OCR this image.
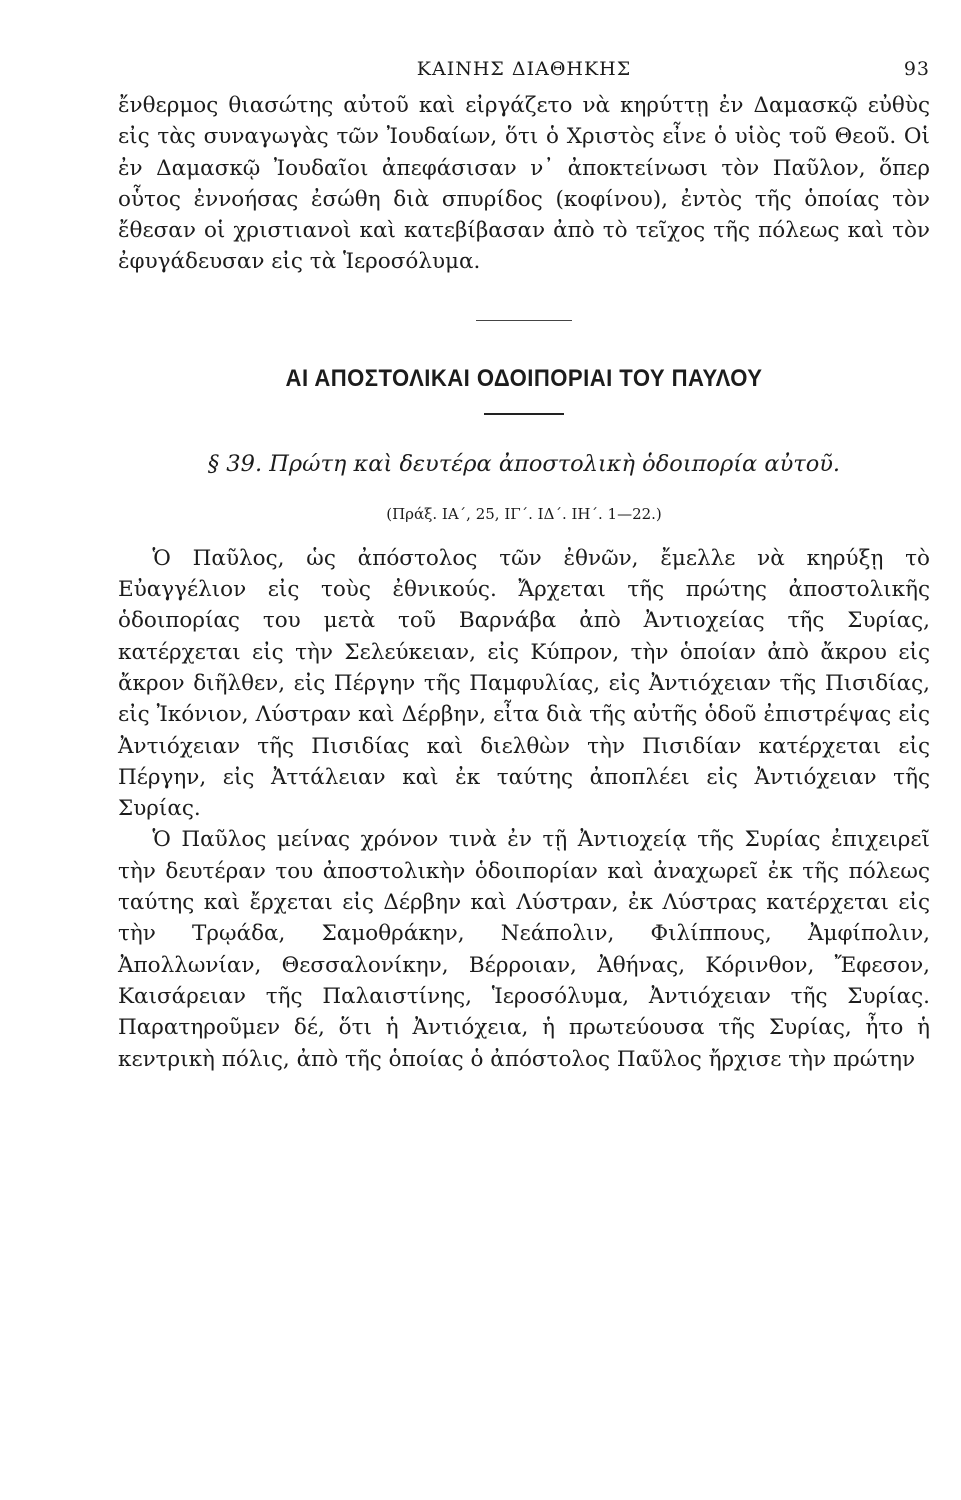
ΚΑΙΝΗΣ ΔΙΑΘΗΚΗΣ	93

ἔνθερμος θιασώτης αὐτοῦ καὶ εἰργάζετο νὰ κηρύττῃ ἐν Δαμασκῷ εὐθὺς εἰς τὰς συναγωγὰς τῶν Ἰουδαίων, ὅτι ὁ Χριστὸς εἶνε ὁ υἱὸς τοῦ Θεοῦ. Οἱ ἐν Δαμασκῷ Ἰουδαῖοι ἀπεφάσισαν ν᾽ ἀποκτείνωσι τὸν Παῦλον, ὅπερ οὗτος ἐννοήσας ἐσώθη διὰ σπυρίδος (κοφίνου), ἐντὸς τῆς ὁποίας τὸν ἔθεσαν οἱ χριστιανοὶ καὶ κατεβίβασαν ἀπὸ τὸ τεῖχος τῆς πόλεως καὶ τὸν ἐφυγάδευσαν εἰς τὰ Ἱεροσόλυμα.

ΑΙ ΑΠΟΣΤΟΛΙΚΑΙ ΟΔΟΙΠΟΡΙΑΙ ΤΟΥ ΠΑΥΛΟΥ
§ 39. Πρώτη καὶ δευτέρα ἀποστολικὴ ὁδοιπορία αὐτοῦ.
(Πράξ. ΙΑ΄, 25, ΙΓ΄. ΙΔ΄. ΙΗ΄. 1—22.)

Ὁ Παῦλος, ὡς ἀπόστολος τῶν ἐθνῶν, ἔμελλε νὰ κηρύξῃ τὸ Εὐαγγέλιον εἰς τοὺς ἐθνικούς. Ἄρχεται τῆς πρώτης ἀποστολικῆς ὁδοιπορίας του μετὰ τοῦ Βαρνάβα ἀπὸ Ἀντιοχείας τῆς Συρίας, κατέρχεται εἰς τὴν Σελεύκειαν, εἰς Κύπρον, τὴν ὁποίαν ἀπὸ ἄκρου εἰς ἄκρον διῆλθεν, εἰς Πέργην τῆς Παμφυλίας, εἰς Ἀντιόχειαν τῆς Πισιδίας, εἰς Ἰκόνιον, Λύστραν καὶ Δέρβην, εἶτα διὰ τῆς αὐτῆς ὁδοῦ ἐπιστρέψας εἰς Ἀντιόχειαν τῆς Πισιδίας καὶ διελθὼν τὴν Πισιδίαν κατέρχεται εἰς Πέργην, εἰς Ἀττάλειαν καὶ ἐκ ταύτης ἀποπλέει εἰς Ἀντιόχειαν τῆς Συρίας.

Ὁ Παῦλος μείνας χρόνον τινὰ ἐν τῇ Ἀντιοχείᾳ τῆς Συρίας ἐπιχειρεῖ τὴν δευτέραν του ἀποστολικὴν ὁδοιπορίαν καὶ ἀναχωρεῖ ἐκ τῆς πόλεως ταύτης καὶ ἔρχεται εἰς Δέρβην καὶ Λύστραν, ἐκ Λύστρας κατέρχεται εἰς τὴν Τρῳάδα, Σαμοθράκην, Νεάπολιν, Φιλίππους, Ἀμφίπολιν, Ἀπολλωνίαν, Θεσσαλονίκην, Βέρροιαν, Ἀθήνας, Κόρινθον, Ἔφεσον, Καισάρειαν τῆς Παλαιστίνης, Ἱεροσόλυμα, Ἀντιόχειαν τῆς Συρίας. Παρατηροῦμεν δέ, ὅτι ἡ Ἀντιόχεια, ἡ πρωτεύουσα τῆς Συρίας, ἦτο ἡ κεντρικὴ πόλις, ἀπὸ τῆς ὁποίας ὁ ἀπόστολος Παῦλος ἤρχισε τὴν πρώτην
